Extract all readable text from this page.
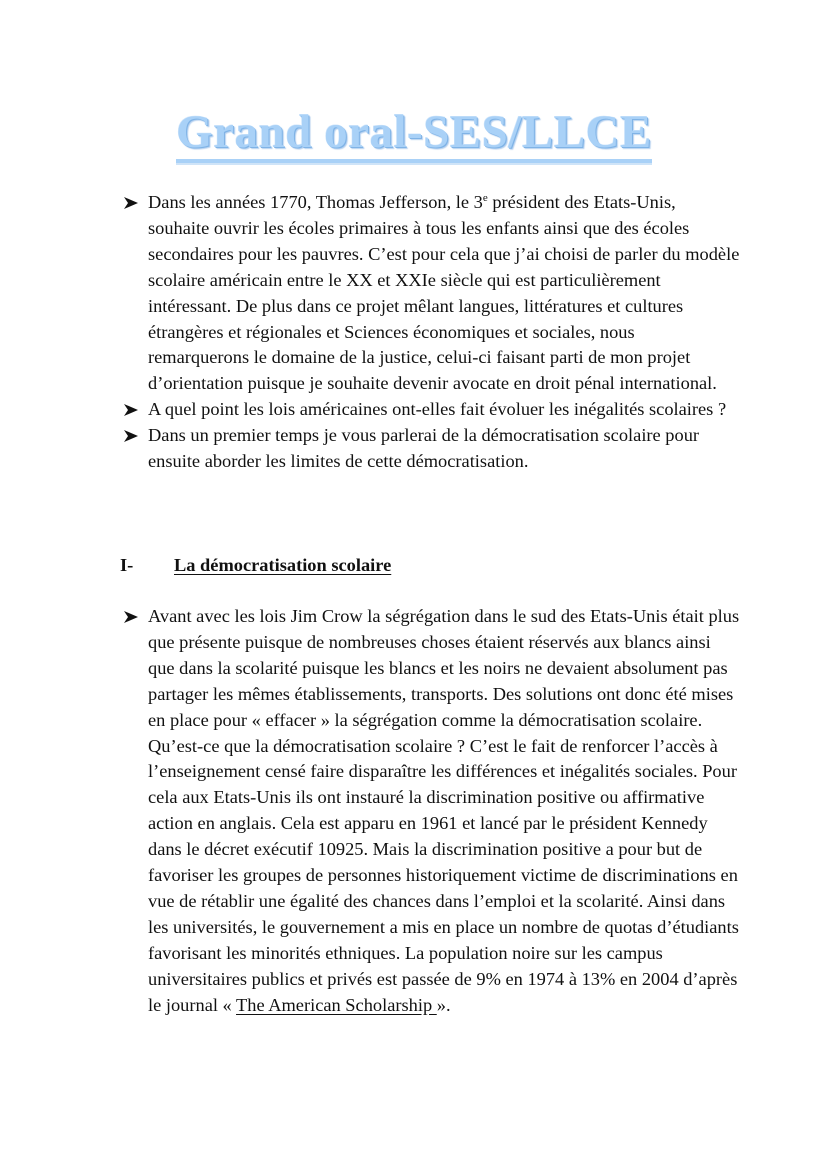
Grand oral-SES/LLCE

Dans les années 1770, Thomas Jefferson, le 3e président des Etats-Unis, souhaite ouvrir les écoles primaires à tous les enfants ainsi que des écoles secondaires pour les pauvres. C’est pour cela que j’ai choisi de parler du modèle scolaire américain entre le XX et XXIe siècle qui est particulièrement intéressant. De plus dans ce projet mêlant langues, littératures et cultures étrangères et régionales et Sciences économiques et sociales, nous remarquerons le domaine de la justice, celui-ci faisant parti de mon projet d’orientation puisque je souhaite devenir avocate en droit pénal international.

A quel point les lois américaines ont-elles fait évoluer les inégalités scolaires ?

Dans un premier temps je vous parlerai de la démocratisation scolaire pour ensuite aborder les limites de cette démocratisation.

I- La démocratisation scolaire

Avant avec les lois Jim Crow la ségrégation dans le sud des Etats-Unis était plus que présente puisque de nombreuses choses étaient réservés aux blancs ainsi que dans la scolarité puisque les blancs et les noirs ne devaient absolument pas partager les mêmes établissements, transports. Des solutions ont donc été mises en place pour « effacer » la ségrégation comme la démocratisation scolaire. Qu’est-ce que la démocratisation scolaire ? C’est le fait de renforcer l’accès à l’enseignement censé faire disparaître les différences et inégalités sociales. Pour cela aux Etats-Unis ils ont instauré la discrimination positive ou affirmative action en anglais. Cela est apparu en 1961 et lancé par le président Kennedy dans le décret exécutif 10925. Mais la discrimination positive a pour but de favoriser les groupes de personnes historiquement victime de discriminations en vue de rétablir une égalité des chances dans l’emploi et la scolarité. Ainsi dans les universités, le gouvernement a mis en place un nombre de quotas d’étudiants favorisant les minorités ethniques. La population noire sur les campus universitaires publics et privés est passée de 9% en 1974 à 13% en 2004 d’après le journal « The American Scholarship ».
